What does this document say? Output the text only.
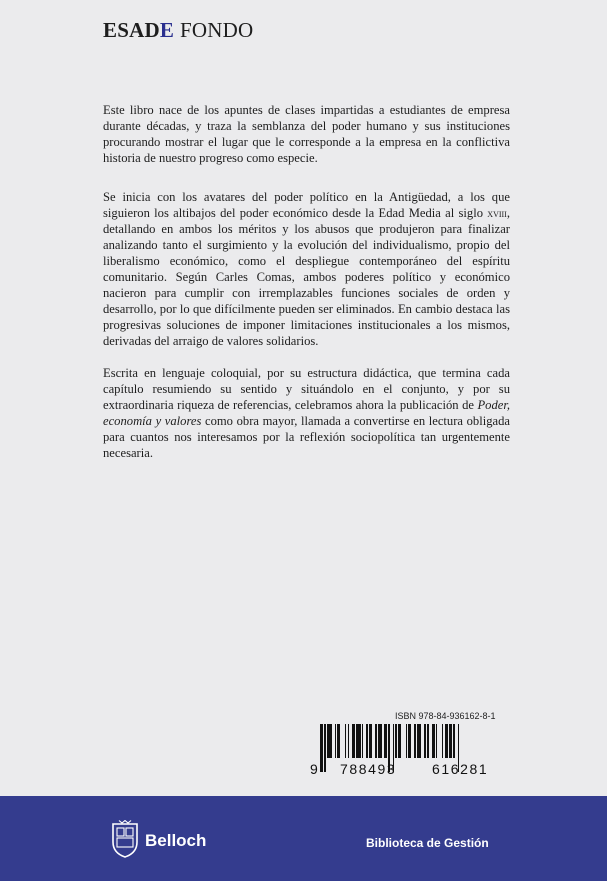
ESADE FONDO

Este libro nace de los apuntes de clases impartidas a estudiantes de empresa durante décadas, y traza la semblanza del poder humano y sus instituciones procurando mostrar el lugar que le corresponde a la empresa en la conflictiva historia de nuestro progreso como especie.

Se inicia con los avatares del poder político en la Antigüedad, a los que siguieron los altibajos del poder económico desde la Edad Media al siglo xviii, detallando en ambos los méritos y los abusos que produjeron para finalizar analizando tanto el surgimiento y la evolución del individualismo, propio del liberalismo económico, como el despliegue contemporáneo del espíritu comunitario. Según Carles Comas, ambos poderes político y económico nacieron para cumplir con irremplazables funciones sociales de orden y desarrollo, por lo que difícilmente pueden ser eliminados. En cambio destaca las progresivas soluciones de imponer limitaciones institucionales a los mismos, derivadas del arraigo de valores solidarios.

Escrita en lenguaje coloquial, por su estructura didáctica, que termina cada capítulo resumiendo su sentido y situándolo en el conjunto, y por su extraordinaria riqueza de referencias, celebramos ahora la publicación de Poder, economía y valores como obra mayor, llamada a convertirse en lectura obligada para cuantos nos interesamos por la reflexión sociopolítica tan urgentemente necesaria.

ISBN 978-84-936162-8-1
9 788493	616281
Belloch	Biblioteca de Gestión
